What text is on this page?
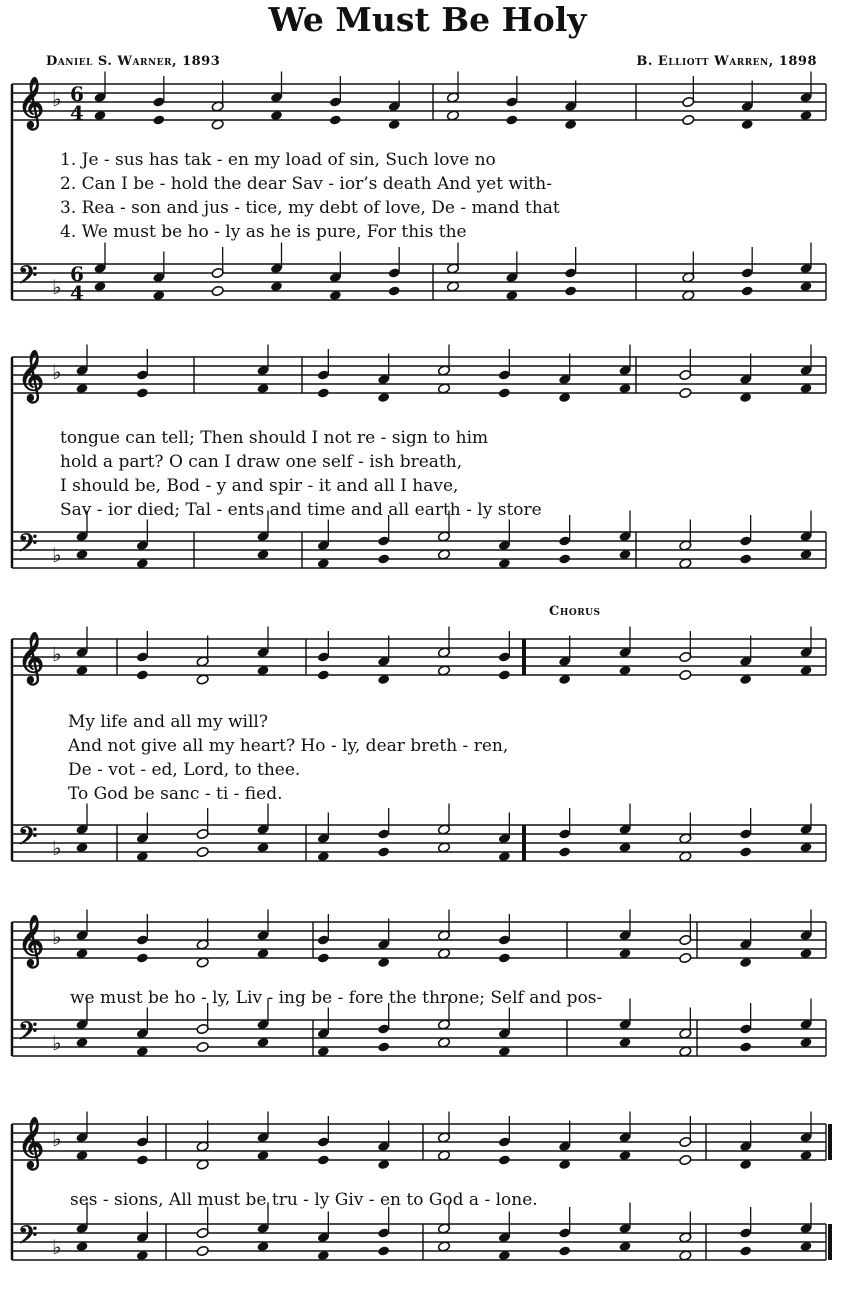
We Must Be Holy
Daniel S. Warner, 1893	B. Elliott Warren, 1898
Chorus
𝄞
𝄢
♭
♭
6
4
6
4
𝄞
𝄢
♭
♭
𝄞
𝄢
♭
♭
𝄞
𝄢
♭
♭
𝄞
𝄢
♭
♭
1. Je - sus has tak - en my load of sin, Such love no
2. Can I be - hold the dear Sav - ior’s death And yet with-
3. Rea - son and jus - tice, my debt of love, De - mand that
4. We must be ho - ly as he is pure, For this the
tongue can tell; Then should I not re - sign to him
hold a part? O can I draw one self - ish breath,
I should be, Bod - y and spir - it and all I have,
Sav - ior died; Tal - ents and time and all earth - ly store
My life and all my will?
And not give all my heart? Ho - ly, dear breth - ren,
De - vot - ed, Lord, to thee.
To God be sanc - ti - fied.
we must be ho - ly, Liv - ing be - fore the throne; Self and pos-
ses - sions, All must be tru - ly Giv - en to God a - lone.
